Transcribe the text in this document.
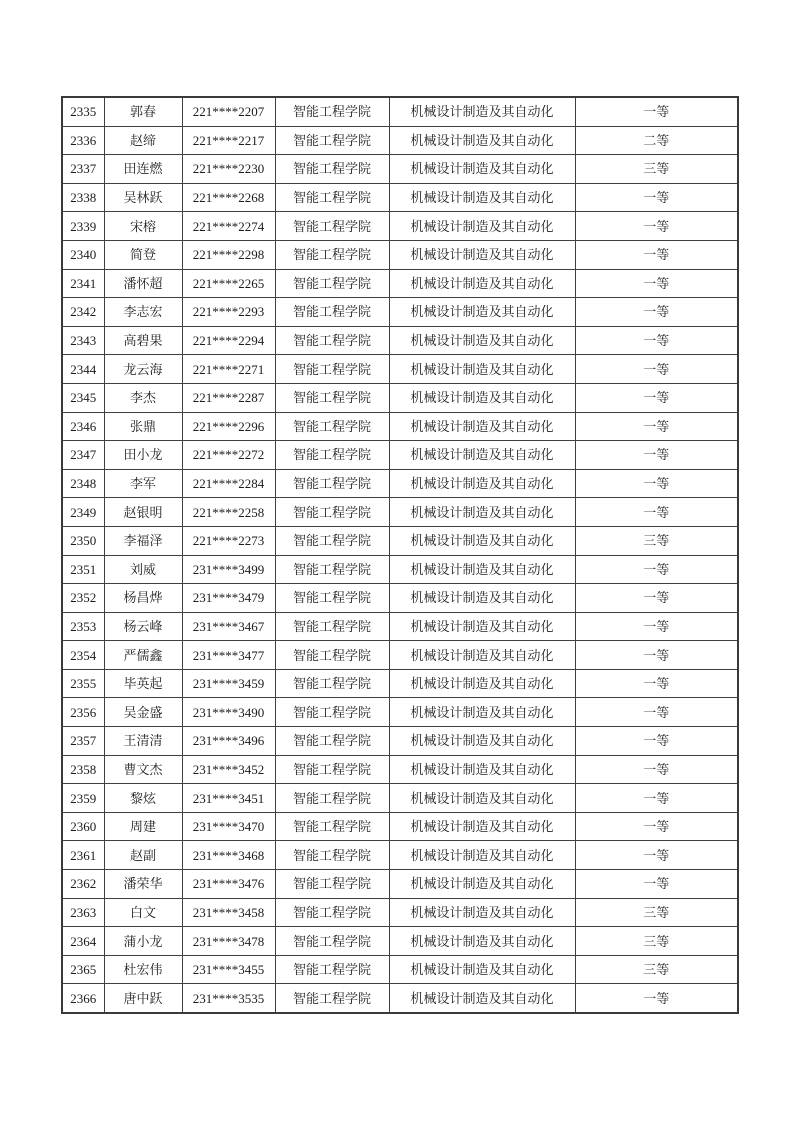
2335	郭春	221****2207	智能工程学院	机械设计制造及其自动化	一等
2336	赵缔	221****2217	智能工程学院	机械设计制造及其自动化	二等
2337	田连燃	221****2230	智能工程学院	机械设计制造及其自动化	三等
2338	吴林跃	221****2268	智能工程学院	机械设计制造及其自动化	一等
2339	宋榕	221****2274	智能工程学院	机械设计制造及其自动化	一等
2340	简登	221****2298	智能工程学院	机械设计制造及其自动化	一等
2341	潘怀超	221****2265	智能工程学院	机械设计制造及其自动化	一等
2342	李志宏	221****2293	智能工程学院	机械设计制造及其自动化	一等
2343	高碧果	221****2294	智能工程学院	机械设计制造及其自动化	一等
2344	龙云海	221****2271	智能工程学院	机械设计制造及其自动化	一等
2345	李杰	221****2287	智能工程学院	机械设计制造及其自动化	一等
2346	张鼎	221****2296	智能工程学院	机械设计制造及其自动化	一等
2347	田小龙	221****2272	智能工程学院	机械设计制造及其自动化	一等
2348	李军	221****2284	智能工程学院	机械设计制造及其自动化	一等
2349	赵银明	221****2258	智能工程学院	机械设计制造及其自动化	一等
2350	李福泽	221****2273	智能工程学院	机械设计制造及其自动化	三等
2351	刘威	231****3499	智能工程学院	机械设计制造及其自动化	一等
2352	杨昌烨	231****3479	智能工程学院	机械设计制造及其自动化	一等
2353	杨云峰	231****3467	智能工程学院	机械设计制造及其自动化	一等
2354	严儒鑫	231****3477	智能工程学院	机械设计制造及其自动化	一等
2355	毕英起	231****3459	智能工程学院	机械设计制造及其自动化	一等
2356	吴金盛	231****3490	智能工程学院	机械设计制造及其自动化	一等
2357	王清清	231****3496	智能工程学院	机械设计制造及其自动化	一等
2358	曹文杰	231****3452	智能工程学院	机械设计制造及其自动化	一等
2359	黎炫	231****3451	智能工程学院	机械设计制造及其自动化	一等
2360	周建	231****3470	智能工程学院	机械设计制造及其自动化	一等
2361	赵副	231****3468	智能工程学院	机械设计制造及其自动化	一等
2362	潘荣华	231****3476	智能工程学院	机械设计制造及其自动化	一等
2363	白文	231****3458	智能工程学院	机械设计制造及其自动化	三等
2364	蒲小龙	231****3478	智能工程学院	机械设计制造及其自动化	三等
2365	杜宏伟	231****3455	智能工程学院	机械设计制造及其自动化	三等
2366	唐中跃	231****3535	智能工程学院	机械设计制造及其自动化	一等
